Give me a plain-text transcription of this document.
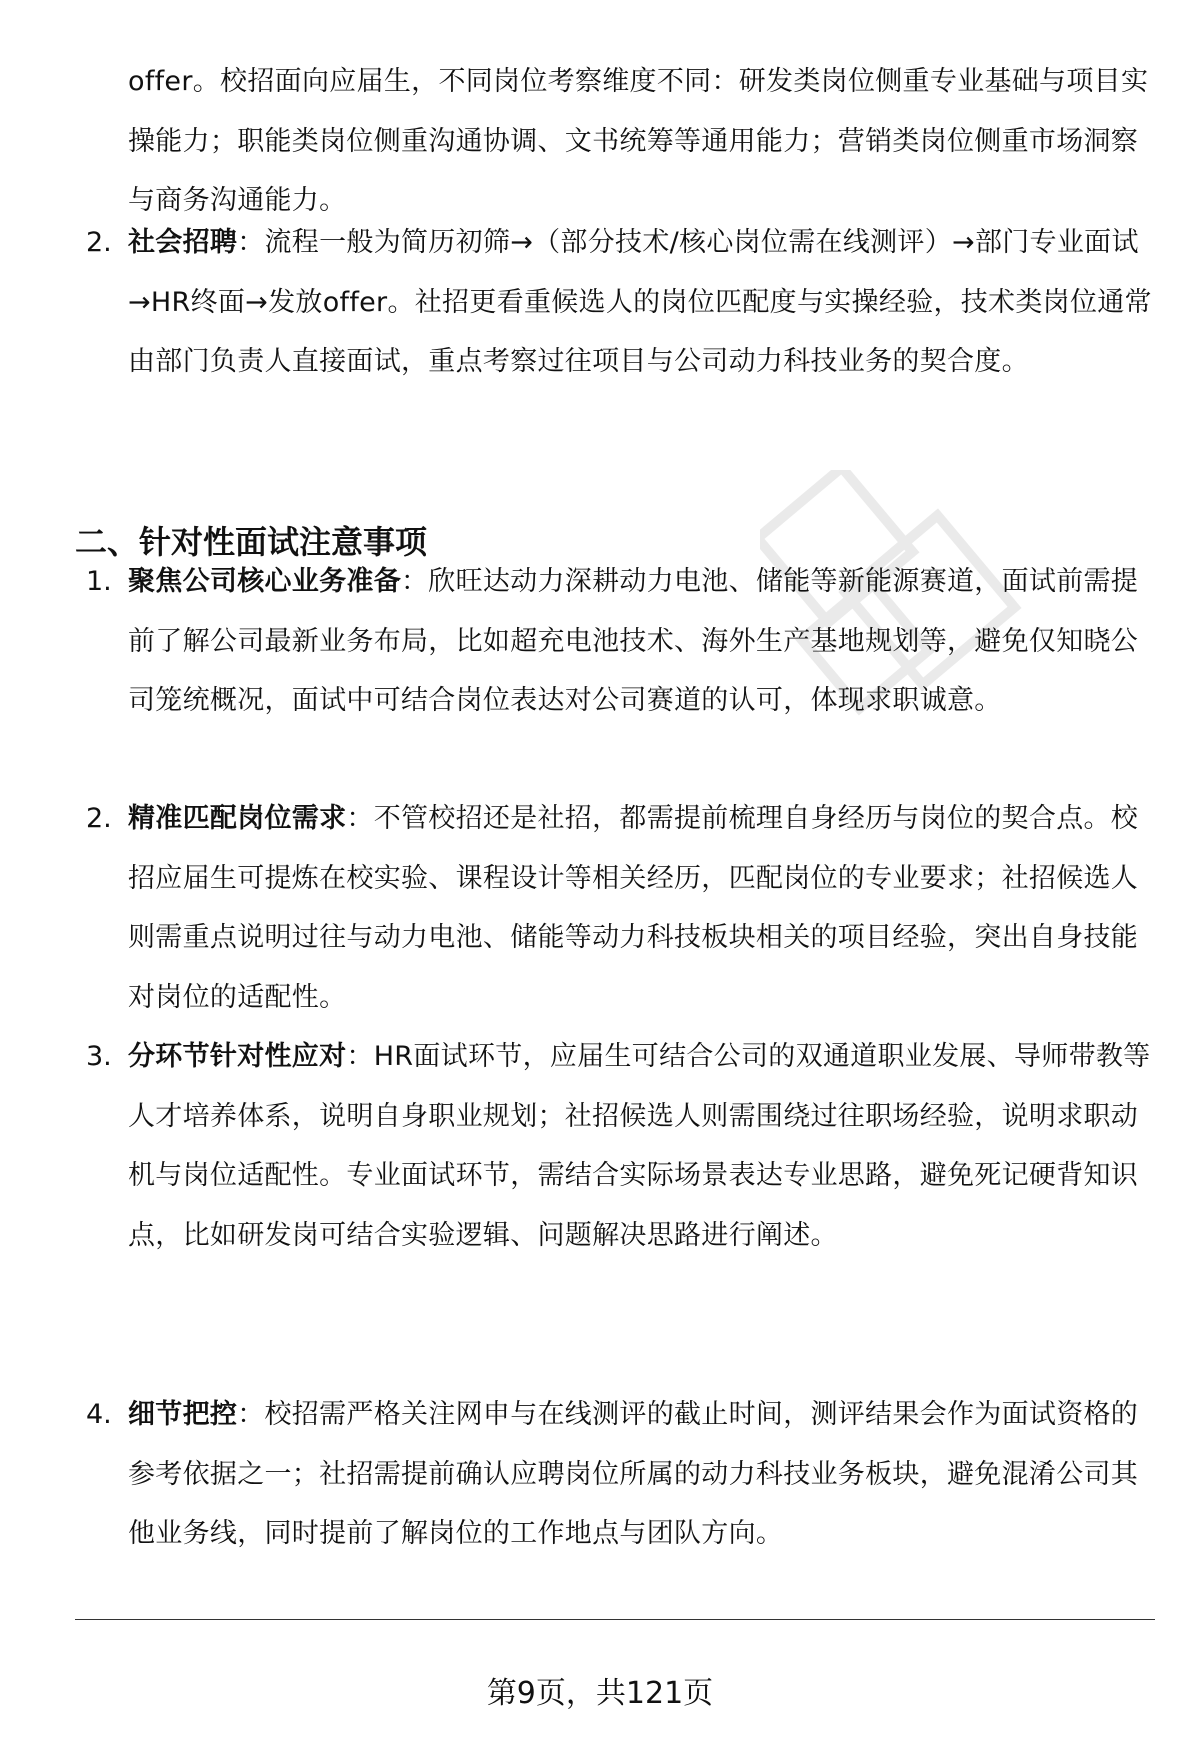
offer。校招面向应届生，不同岗位考察维度不同：研发类岗位侧重专业基础与项目实操能力；职能类岗位侧重沟通协调、文书统筹等通用能力；营销类岗位侧重市场洞察与商务沟通能力。
2. 社会招聘：流程一般为简历初筛→（部分技术/核心岗位需在线测评）→部门专业面试→HR终面→发放offer。社招更看重候选人的岗位匹配度与实操经验，技术类岗位通常由部门负责人直接面试，重点考察过往项目与公司动力科技业务的契合度。
二、针对性面试注意事项
1. 聚焦公司核心业务准备：欣旺达动力深耕动力电池、储能等新能源赛道，面试前需提前了解公司最新业务布局，比如超充电池技术、海外生产基地规划等，避免仅知晓公司笼统概况，面试中可结合岗位表达对公司赛道的认可，体现求职诚意。
2. 精准匹配岗位需求：不管校招还是社招，都需提前梳理自身经历与岗位的契合点。校招应届生可提炼在校实验、课程设计等相关经历，匹配岗位的专业要求；社招候选人则需重点说明过往与动力电池、储能等动力科技板块相关的项目经验，突出自身技能对岗位的适配性。
3. 分环节针对性应对：HR面试环节，应届生可结合公司的双通道职业发展、导师带教等人才培养体系，说明自身职业规划；社招候选人则需围绕过往职场经验，说明求职动机与岗位适配性。专业面试环节，需结合实际场景表达专业思路，避免死记硬背知识点，比如研发岗可结合实验逻辑、问题解决思路进行阐述。
4. 细节把控：校招需严格关注网申与在线测评的截止时间，测评结果会作为面试资格的参考依据之一；社招需提前确认应聘岗位所属的动力科技业务板块，避免混淆公司其他业务线，同时提前了解岗位的工作地点与团队方向。
第9页，共121页
